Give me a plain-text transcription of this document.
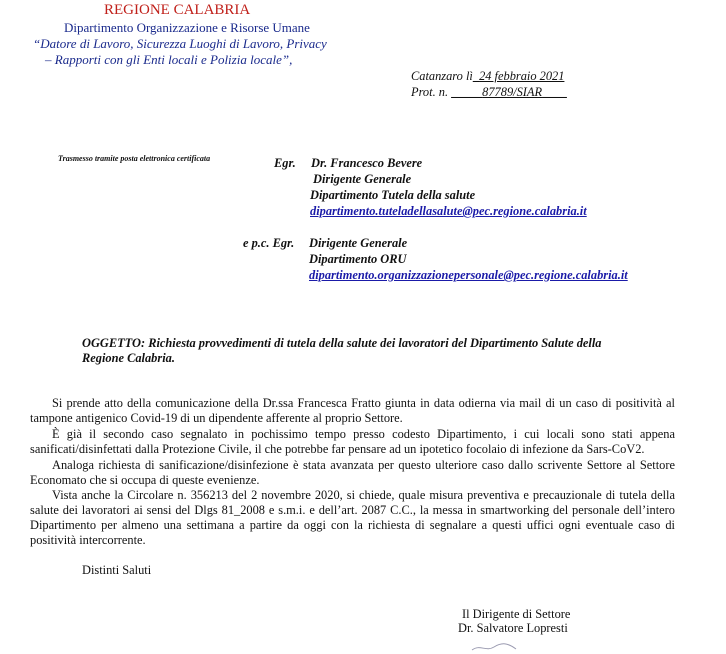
REGIONE CALABRIA
Dipartimento Organizzazione e Risorse Umane
“Datore di Lavoro, Sicurezza Luoghi di Lavoro, Privacy
– Rapporti con gli Enti locali e Polizia locale”,
Catanzaro lì_24 febbraio 2021
Prot. n. _____87789/SIAR____
Trasmesso tramite posta elettronica certificata	Egr. Dr. Francesco Bevere
Dirigente Generale
Dipartimento Tutela della salute
dipartimento.tuteladellasalute@pec.regione.calabria.it
e p.c. Egr. Dirigente Generale
Dipartimento ORU
dipartimento.organizzazionepersonale@pec.regione.calabria.it
OGGETTO: Richiesta provvedimenti di tutela della salute dei lavoratori del Dipartimento Salute della
Regione Calabria.
Si prende atto della comunicazione della Dr.ssa Francesca Fratto giunta in data odierna via mail di un caso di positività al tampone antigenico Covid-19 di un dipendente afferente al proprio Settore.
È già il secondo caso segnalato in pochissimo tempo presso codesto Dipartimento, i cui locali sono stati appena sanificati/disinfettati dalla Protezione Civile, il che potrebbe far pensare ad un ipotetico focolaio di infezione da Sars-CoV2.
Analoga richiesta di sanificazione/disinfezione è stata avanzata per questo ulteriore caso dallo scrivente Settore al Settore Economato che si occupa di queste evenienze.
Vista anche la Circolare n. 356213 del 2 novembre 2020, si chiede, quale misura preventiva e precauzionale di tutela della salute dei lavoratori ai sensi del Dlgs 81_2008 e s.m.i. e dell’art. 2087 C.C., la messa in smartworking del personale dell’intero Dipartimento per almeno una settimana a partire da oggi con la richiesta di segnalare a questi uffici ogni eventuale caso di positività intercorrente.
Distinti Saluti
Il Dirigente di Settore
Dr. Salvatore Lopresti
